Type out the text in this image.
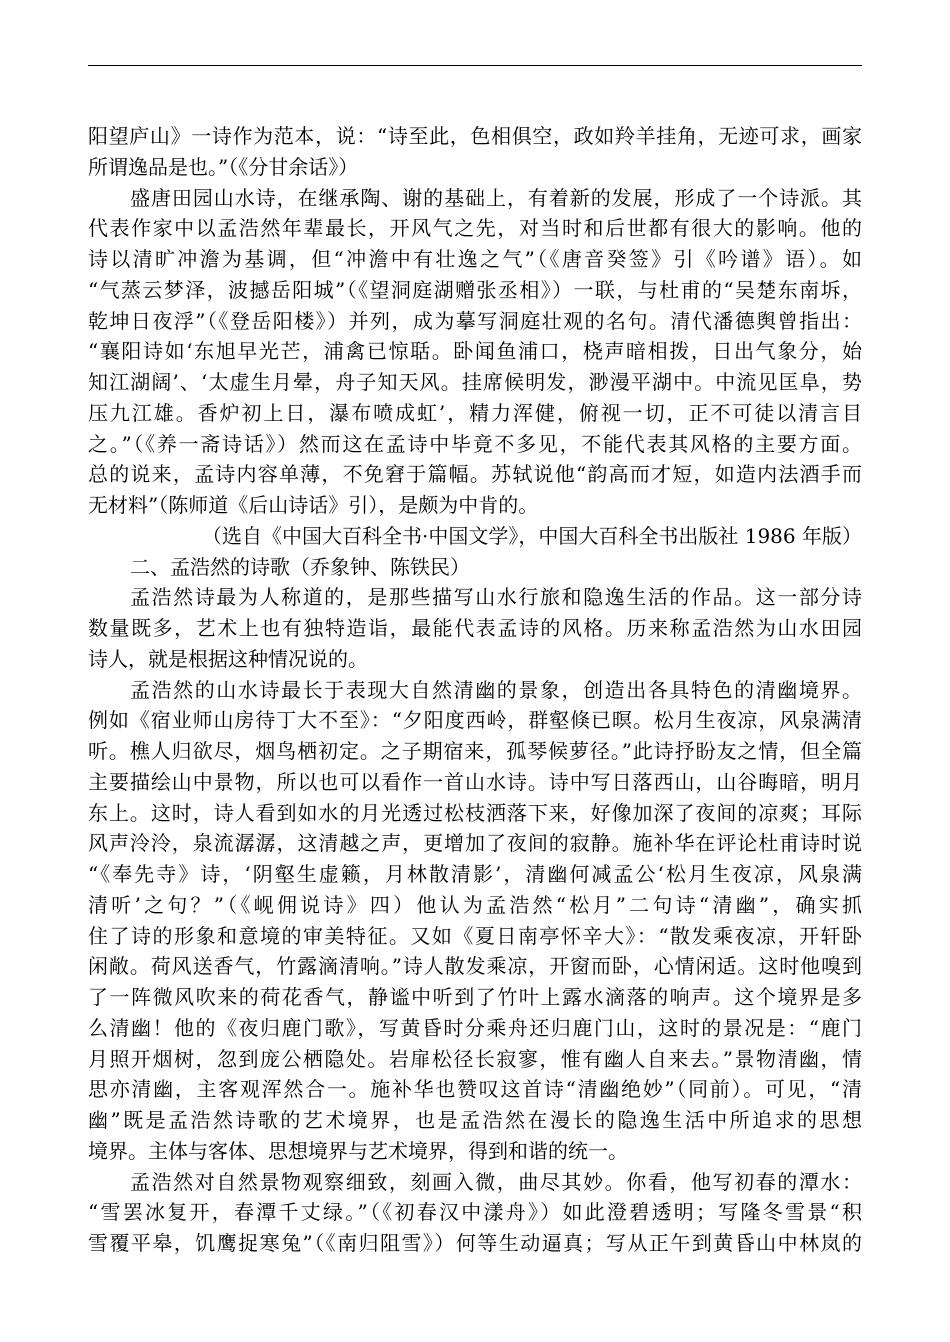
阳望庐山》一诗作为范本，说：“诗至此，色相俱空，政如羚羊挂角，无迹可求，画家
所谓逸品是也。”（《分甘余话》）
盛唐田园山水诗，在继承陶、谢的基础上，有着新的发展，形成了一个诗派。其
代表作家中以孟浩然年辈最长，开风气之先，对当时和后世都有很大的影响。他的
诗以清旷冲澹为基调，但“冲澹中有壮逸之气”（《唐音癸签》引《吟谱》语）。如
“气蒸云梦泽，波撼岳阳城”（《望洞庭湖赠张丞相》）一联，与杜甫的“吴楚东南坼，
乾坤日夜浮”（《登岳阳楼》）并列，成为摹写洞庭壮观的名句。清代潘德舆曾指出：
“襄阳诗如‘东旭早光芒，浦禽已惊聒。卧闻鱼浦口，桡声暗相拨，日出气象分，始
知江湖阔’、‘太虚生月晕，舟子知天风。挂席候明发，渺漫平湖中。中流见匡阜，势
压九江雄。香炉初上日，瀑布喷成虹’，精力浑健，俯视一切，正不可徒以清言目
之。”（《养一斋诗话》）然而这在孟诗中毕竟不多见，不能代表其风格的主要方面。
总的说来，孟诗内容单薄，不免窘于篇幅。苏轼说他“韵高而才短，如造内法酒手而
无材料”（陈师道《后山诗话》引），是颇为中肯的。
（选自《中国大百科全书·中国文学》，中国大百科全书出版社 1986 年版）
二、孟浩然的诗歌（乔象钟、陈铁民）
孟浩然诗最为人称道的，是那些描写山水行旅和隐逸生活的作品。这一部分诗
数量既多，艺术上也有独特造诣，最能代表孟诗的风格。历来称孟浩然为山水田园
诗人，就是根据这种情况说的。
孟浩然的山水诗最长于表现大自然清幽的景象，创造出各具特色的清幽境界。
例如《宿业师山房待丁大不至》：“夕阳度西岭，群壑倏已暝。松月生夜凉，风泉满清
听。樵人归欲尽，烟鸟栖初定。之子期宿来，孤琴候萝径。”此诗抒盼友之情，但全篇
主要描绘山中景物，所以也可以看作一首山水诗。诗中写日落西山，山谷晦暗，明月
东上。这时，诗人看到如水的月光透过松枝洒落下来，好像加深了夜间的凉爽；耳际
风声泠泠，泉流潺潺，这清越之声，更增加了夜间的寂静。施补华在评论杜甫诗时说
“《奉先寺》诗，‘阴壑生虚籁，月林散清影’，清幽何减孟公‘松月生夜凉，风泉满
清听’之句？”（《岘佣说诗》四）他认为孟浩然“松月”二句诗“清幽”，确实抓
住了诗的形象和意境的审美特征。又如《夏日南亭怀辛大》：“散发乘夜凉，开轩卧
闲敞。荷风送香气，竹露滴清响。”诗人散发乘凉，开窗而卧，心情闲适。这时他嗅到
了一阵微风吹来的荷花香气，静谧中听到了竹叶上露水滴落的响声。这个境界是多
么清幽！他的《夜归鹿门歌》，写黄昏时分乘舟还归鹿门山，这时的景况是：“鹿门
月照开烟树，忽到庞公栖隐处。岩扉松径长寂寥，惟有幽人自来去。”景物清幽，情
思亦清幽，主客观浑然合一。施补华也赞叹这首诗“清幽绝妙”（同前）。可见，“清
幽”既是孟浩然诗歌的艺术境界，也是孟浩然在漫长的隐逸生活中所追求的思想
境界。主体与客体、思想境界与艺术境界，得到和谐的统一。
孟浩然对自然景物观察细致，刻画入微，曲尽其妙。你看，他写初春的潭水：
“雪罢冰复开，春潭千丈绿。”（《初春汉中漾舟》）如此澄碧透明；写隆冬雪景“积
雪覆平皋，饥鹰捉寒兔”（《南归阻雪》）何等生动逼真；写从正午到黄昏山中林岚的
